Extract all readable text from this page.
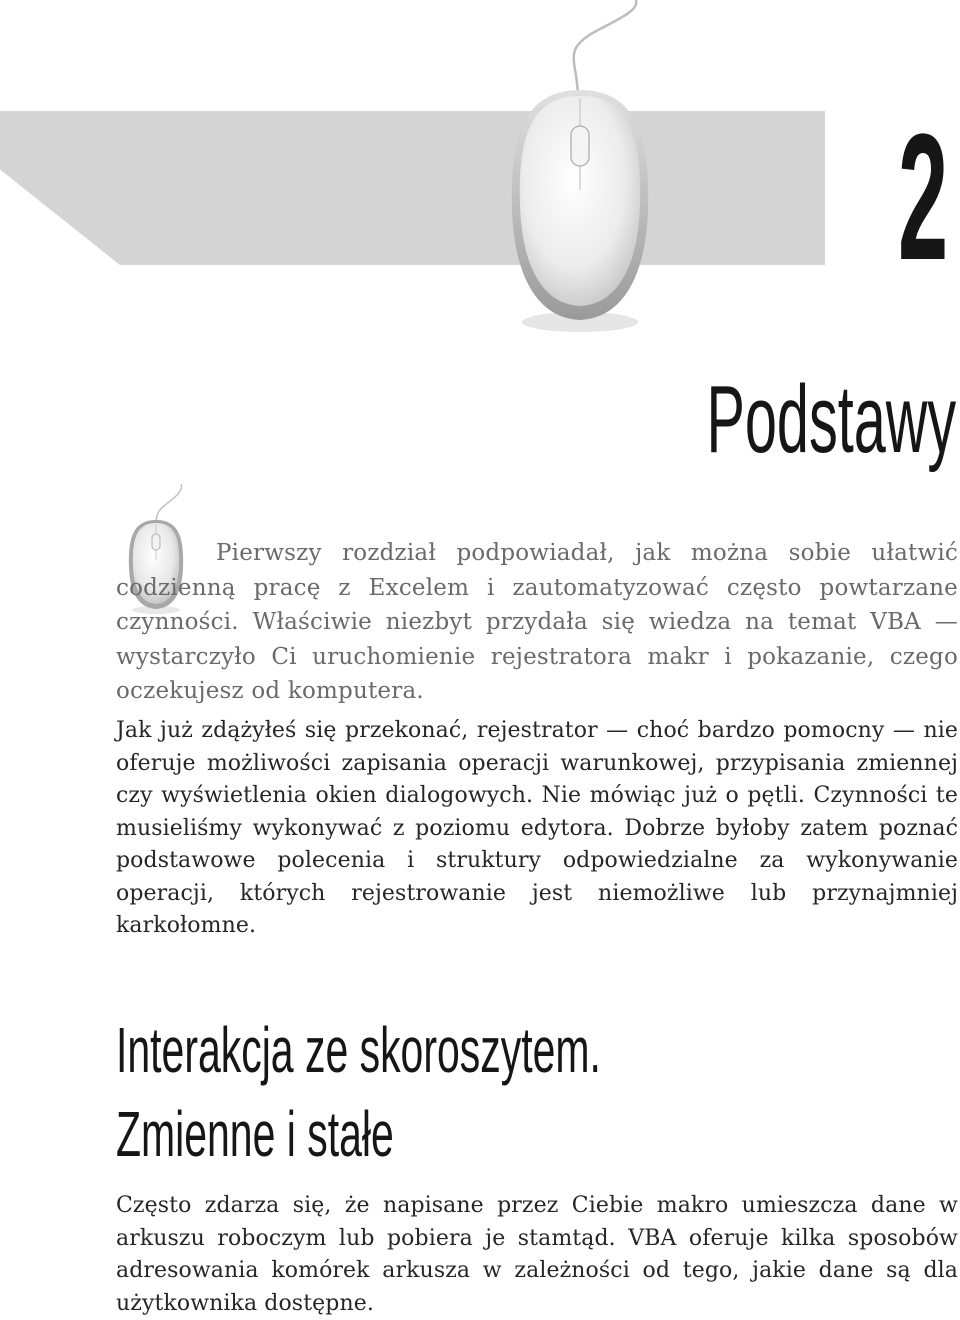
2
Podstawy

Pierwszy rozdział podpowiadał, jak można sobie ułatwić codzienną pracę z Excelem i zautomatyzować często powtarzane czynności. Właściwie niezbyt przydała się wiedza na temat VBA — wystarczyło Ci uruchomienie rejestratora makr i pokazanie, czego oczekujesz od komputera.

Jak już zdążyłeś się przekonać, rejestrator — choć bardzo pomocny — nie oferuje możliwości zapisania operacji warunkowej, przypisania zmiennej czy wyświetlenia okien dialogowych. Nie mówiąc już o pętli. Czynności te musieliśmy wykonywać z poziomu edytora. Dobrze byłoby zatem poznać podstawowe polecenia i struktury odpowiedzialne za wykonywanie operacji, których rejestrowanie jest niemożliwe lub przynajmniej karkołomne.

Interakcja ze skoroszytem.
Zmienne i stałe

Często zdarza się, że napisane przez Ciebie makro umieszcza dane w arkuszu roboczym lub pobiera je stamtąd. VBA oferuje kilka sposobów adresowania komórek arkusza w zależności od tego, jakie dane są dla użytkownika dostępne.
